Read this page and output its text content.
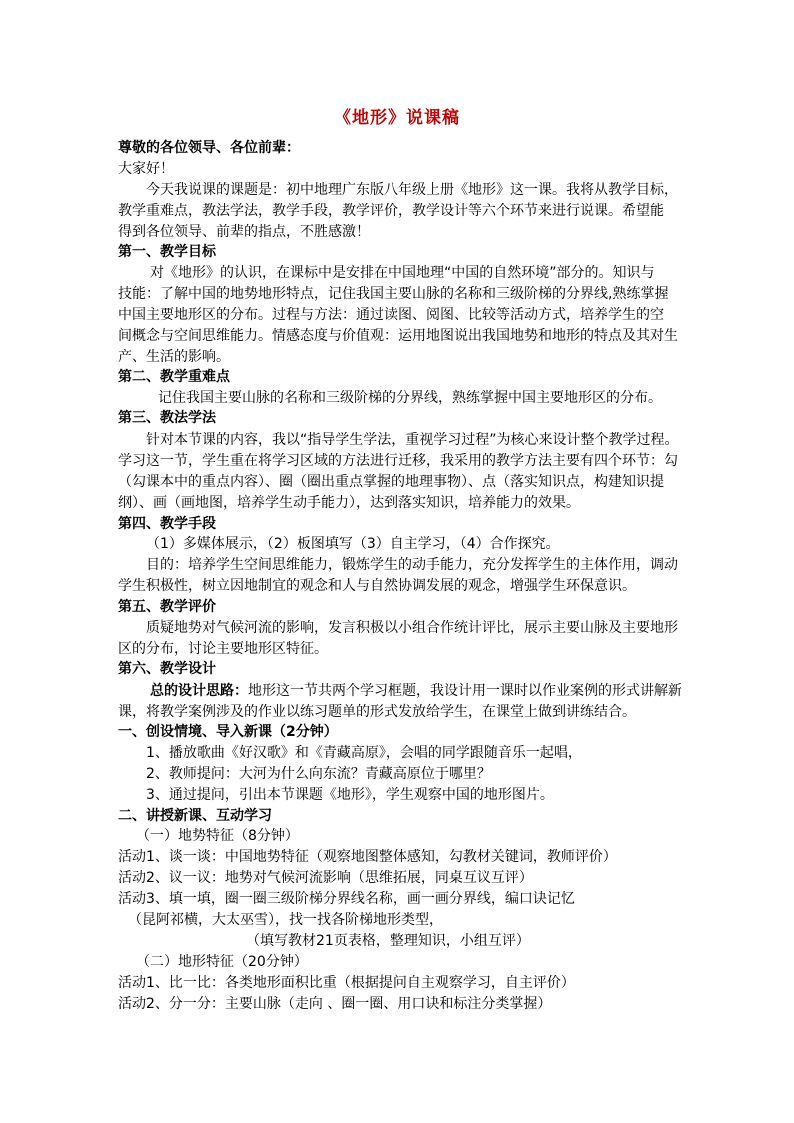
《地形》说课稿
尊敬的各位领导、各位前辈：
大家好！
今天我说课的课题是：初中地理广东版八年级上册《地形》这一课。我将从教学目标，
教学重难点，教法学法，教学手段，教学评价，教学设计等六个环节来进行说课。希望能
得到各位领导、前辈的指点，不胜感激！
第一、教学目标
对《地形》的认识，在课标中是安排在中国地理“中国的自然环境”部分的。知识与
技能：了解中国的地势地形特点，记住我国主要山脉的名称和三级阶梯的分界线,熟练掌握
中国主要地形区的分布。过程与方法：通过读图、阅图、比较等活动方式，培养学生的空
间概念与空间思维能力。情感态度与价值观：运用地图说出我国地势和地形的特点及其对生
产、生活的影响。
第二、教学重难点
记住我国主要山脉的名称和三级阶梯的分界线，熟练掌握中国主要地形区的分布。
第三、教法学法
针对本节课的内容，我以“指导学生学法，重视学习过程”为核心来设计整个教学过程。
学习这一节，学生重在将学习区域的方法进行迁移，我采用的教学方法主要有四个环节：勾
（勾课本中的重点内容）、圈（圈出重点掌握的地理事物）、点（落实知识点，构建知识提
纲）、画（画地图，培养学生动手能力），达到落实知识，培养能力的效果。
第四、教学手段
（1）多媒体展示，（2）板图填写（3）自主学习，（4）合作探究。
目的：培养学生空间思维能力，锻炼学生的动手能力，充分发挥学生的主体作用，调动
学生积极性，树立因地制宜的观念和人与自然协调发展的观念，增强学生环保意识。
第五、教学评价
质疑地势对气候河流的影响，发言积极以小组合作统计评比，展示主要山脉及主要地形
区的分布，讨论主要地形区特征。
第六、教学设计
总的设计思路：地形这一节共两个学习框题，我设计用一课时以作业案例的形式讲解新
课，将教学案例涉及的作业以练习题单的形式发放给学生，在课堂上做到讲练结合。
一、创设情境、导入新课（2分钟）
1、播放歌曲《好汉歌》和《青藏高原》，会唱的同学跟随音乐一起唱，
2、教师提问：大河为什么向东流？青藏高原位于哪里？
3、通过提问，引出本节课题《地形》，学生观察中国的地形图片。
二、讲授新课、互动学习
（一）地势特征（8分钟）
活动1、谈一谈：中国地势特征（观察地图整体感知，勾教材关键词，教师评价）
活动2、议一议：地势对气候河流影响（思维拓展，同桌互议互评）
活动3、填一填，圈一圈三级阶梯分界线名称，画一画分界线，编口诀记忆
（昆阿祁横，大太巫雪），找一找各阶梯地形类型，
（填写教材21页表格，整理知识，小组互评）
（二）地形特征（20分钟）
活动1、比一比：各类地形面积比重（根据提问自主观察学习，自主评价）
活动2、分一分：主要山脉（走向 、圈一圈、用口诀和标注分类掌握）
